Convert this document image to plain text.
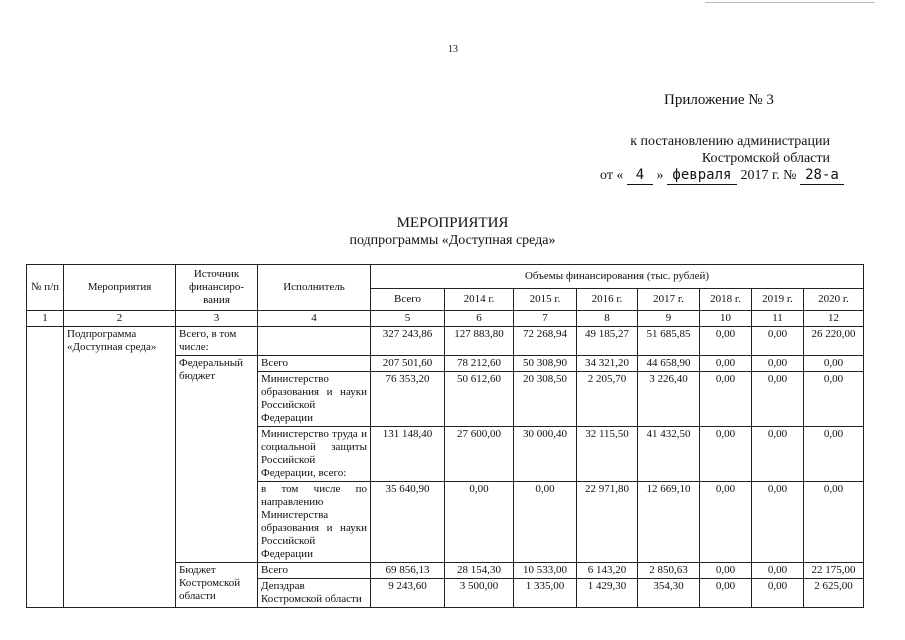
13
Приложение № 3
к постановлению администрации
Костромской области
от « 4 » февраля 2017 г. № 28-а
МЕРОПРИЯТИЯ
подпрограммы «Доступная среда»
№ п/п	Мероприятия	Источник финансиро- вания	Исполнитель	Объемы финансирования (тыс. рублей)							
				Всего	2014 г.	2015 г.	2016 г.	2017 г.	2018 г.	2019 г.	2020 г.
1	2	3	4	5	6	7	8	9	10	11	12
	Подпрограмма «Доступная среда»	Всего, в том числе:		327 243,86	127 883,80	72 268,94	49 185,27	51 685,85	0,00	0,00	26 220,00
		Федеральный бюджет	Всего	207 501,60	78 212,60	50 308,90	34 321,20	44 658,90	0,00	0,00	0,00
			Министерство образования и науки Российской Федерации	76 353,20	50 612,60	20 308,50	2 205,70	3 226,40	0,00	0,00	0,00
			Министерство труда и социальной защиты Российской Федерации, всего:	131 148,40	27 600,00	30 000,40	32 115,50	41 432,50	0,00	0,00	0,00
			в том числе по направлению Министерства образования и науки Российской Федерации	35 640,90	0,00	0,00	22 971,80	12 669,10	0,00	0,00	0,00
		Бюджет Костромской области	Всего	69 856,13	28 154,30	10 533,00	6 143,20	2 850,63	0,00	0,00	22 175,00
			Депздрав Костромской области	9 243,60	3 500,00	1 335,00	1 429,30	354,30	0,00	0,00	2 625,00
